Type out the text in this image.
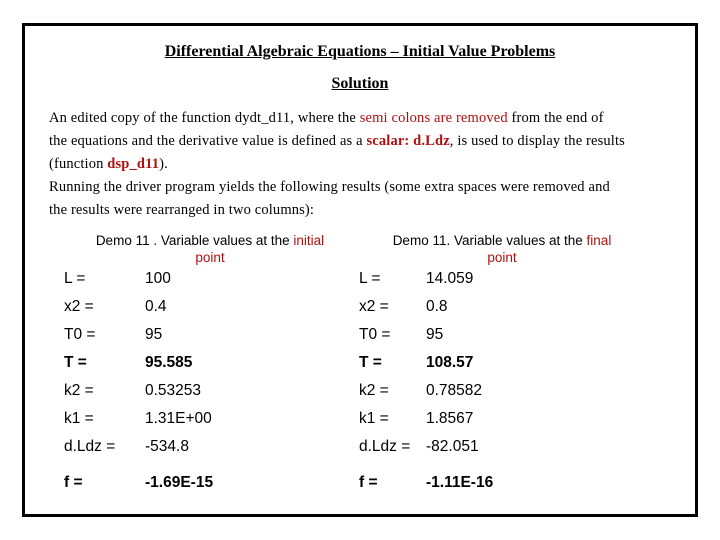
Differential Algebraic Equations – Initial Value Problems
Solution
An edited copy of the function dydt_d11, where the semi colons are removed from the end of
the equations and the derivative value is defined as a scalar: d.Ldz, is used to display the results
(function dsp_d11).
Running the driver program yields the following results (some extra spaces were removed and
the results were rearranged in two columns):
Demo 11 . Variable values at the initial
point
Demo 11. Variable values at the final
point
L =	100
x2 =	0.4
T0 =	95
T =	95.585
k2 =	0.53253
k1 =	1.31E+00
d.Ldz = -534.8
f =	-1.69E-15
L =	14.059
x2 = 0.8
T0 = 95
T =	108.57
k2 = 0.78582
k1 = 1.8567
d.Ldz = -82.051
f =	-1.11E-16
